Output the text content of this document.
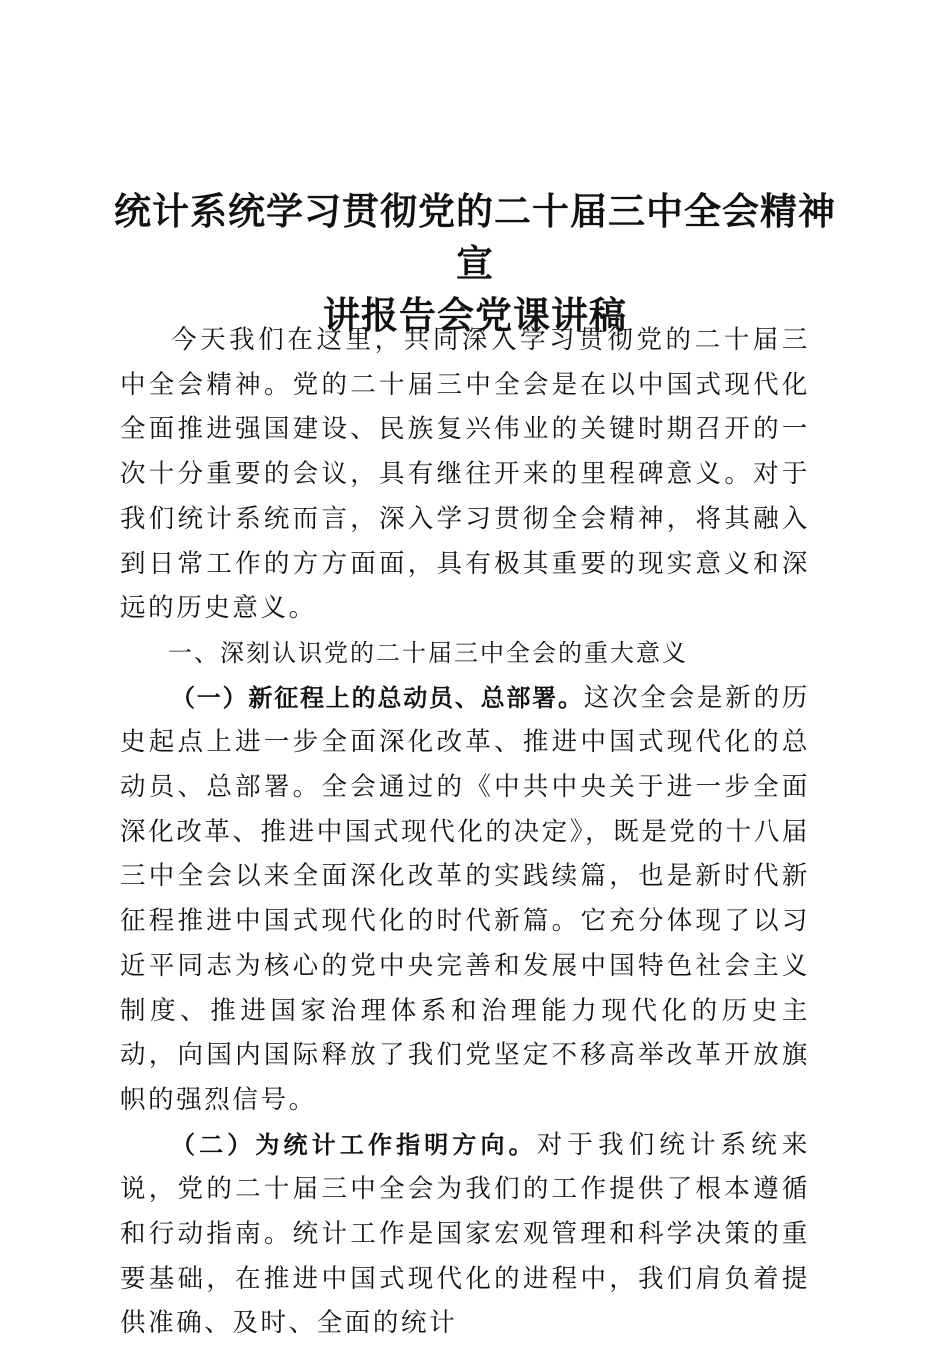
统计系统学习贯彻党的二十届三中全会精神宣
讲报告会党课讲稿

今天我们在这里，共同深入学习贯彻党的二十届三中全会精神。党的二十届三中全会是在以中国式现代化全面推进强国建设、民族复兴伟业的关键时期召开的一次十分重要的会议，具有继往开来的里程碑意义。对于我们统计系统而言，深入学习贯彻全会精神，将其融入到日常工作的方方面面，具有极其重要的现实意义和深远的历史意义。

一、深刻认识党的二十届三中全会的重大意义

（一）新征程上的总动员、总部署。这次全会是新的历史起点上进一步全面深化改革、推进中国式现代化的总动员、总部署。全会通过的《中共中央关于进一步全面深化改革、推进中国式现代化的决定》，既是党的十八届三中全会以来全面深化改革的实践续篇，也是新时代新征程推进中国式现代化的时代新篇。它充分体现了以习近平同志为核心的党中央完善和发展中国特色社会主义制度、推进国家治理体系和治理能力现代化的历史主动，向国内国际释放了我们党坚定不移高举改革开放旗帜的强烈信号。

（二）为统计工作指明方向。对于我们统计系统来说，党的二十届三中全会为我们的工作提供了根本遵循和行动指南。统计工作是国家宏观管理和科学决策的重要基础，在推进中国式现代化的进程中，我们肩负着提供准确、及时、全面的统计
